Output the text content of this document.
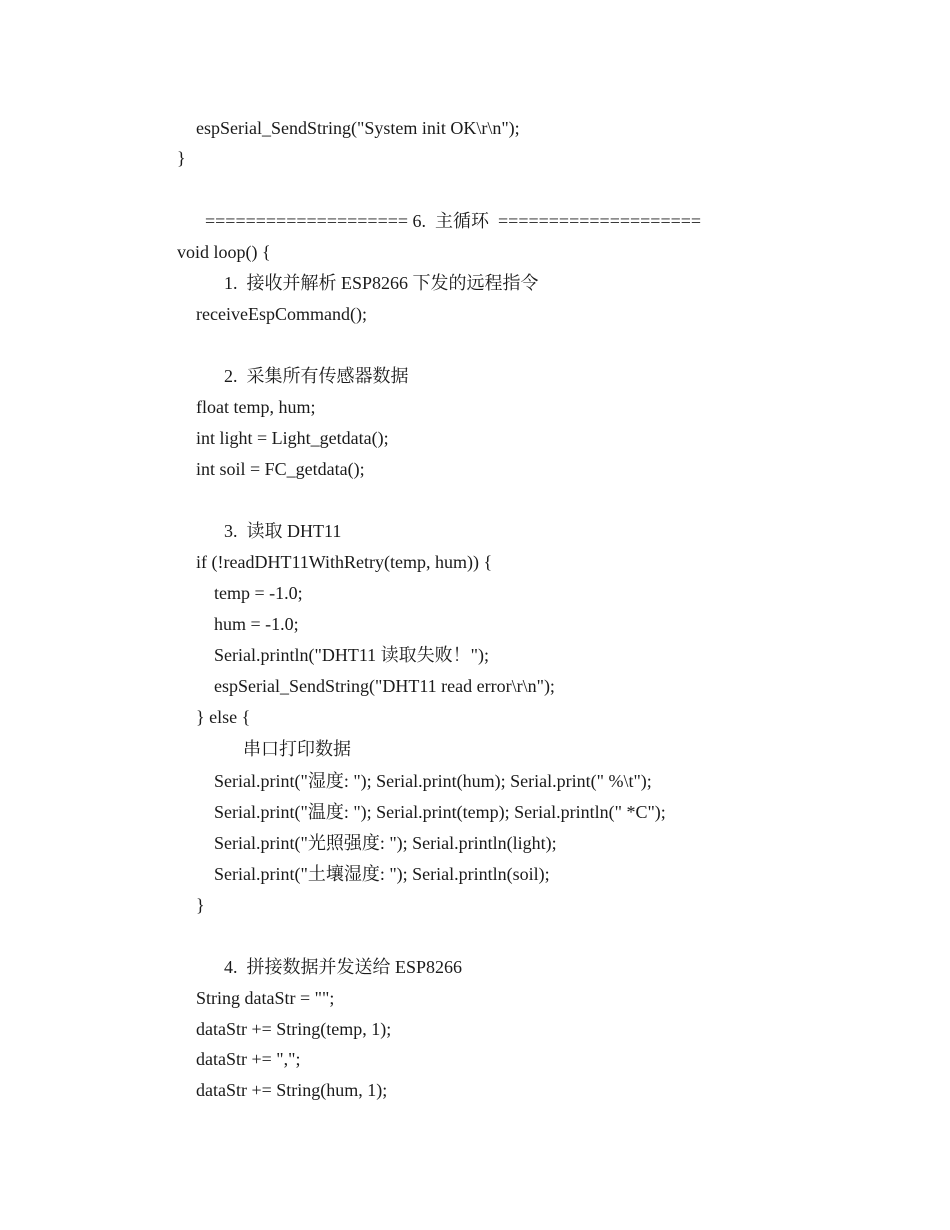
espSerial_SendString("System init OK\r\n");
}
==================== 6.  主循环  ====================
void loop() {
1.  接收并解析 ESP8266 下发的远程指令
receiveEspCommand();
2.  采集所有传感器数据
float temp, hum;
int light = Light_getdata();
int soil = FC_getdata();
3.  读取 DHT11
if (!readDHT11WithRetry(temp, hum)) {
temp = -1.0;
hum = -1.0;
Serial.println("DHT11 读取失败！");
espSerial_SendString("DHT11 read error\r\n");
} else {
串口打印数据
Serial.print("湿度: "); Serial.print(hum); Serial.print(" %\t");
Serial.print("温度: "); Serial.print(temp); Serial.println(" *C");
Serial.print("光照强度: "); Serial.println(light);
Serial.print("土壤湿度: "); Serial.println(soil);
}
4.  拼接数据并发送给 ESP8266
String dataStr = "";
dataStr += String(temp, 1);
dataStr += ",";
dataStr += String(hum, 1);
